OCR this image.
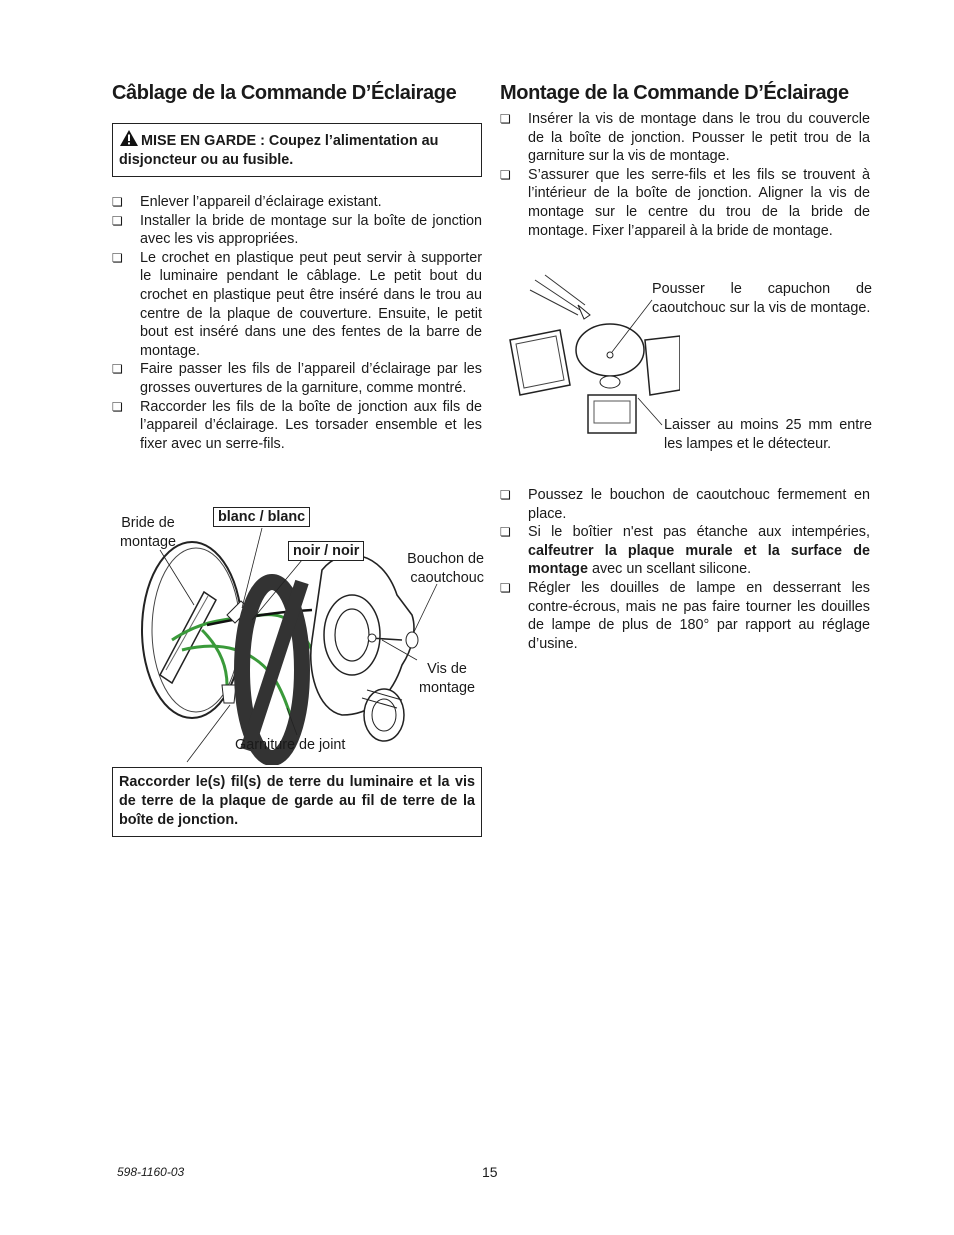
Câblage de la Commande D’Éclairage
MISE EN GARDE : Coupez l’alimentation au disjoncteur ou au fusible.
❏ Enlever l’appareil d’éclairage existant.
❏ Installer la bride de montage sur la boîte de jonction avec les vis appropriées.
❏ Le crochet en plastique peut peut servir à supporter le luminaire pendant le câblage. Le petit bout du crochet en plastique peut être inséré dans le trou au centre de la plaque de couverture. Ensuite, le petit bout est inséré dans une des fentes de la barre de montage.
❏ Faire passer les fils de l’appareil d’éclairage par les grosses ouvertures de la garniture, comme montré.
❏ Raccorder les fils de la boîte de jonction aux fils de l’appareil d’éclairage. Les torsader ensemble et les fixer avec un serre-fils.
Bride de montage
blanc / blanc
noir / noir	Bouchon de caoutchouc
Vis de montage
Garniture de joint
Raccorder le(s) fil(s) de terre du luminaire et la vis de terre de la plaque de garde au fil de terre de la boîte de jonction.
Montage de la Commande D’Éclairage
❏ Insérer la vis de montage dans le trou du couvercle de la boîte de jonction. Pousser le petit trou de la garniture sur la vis de montage.
❏ S’assurer que les serre-fils et les fils se trouvent à l’intérieur de la boîte de jonction. Aligner la vis de montage sur le centre du trou de la bride de montage. Fixer l’appareil à la bride de montage.
Pousser le capuchon de caoutchouc sur la vis de montage.
Laisser au moins 25 mm entre les lampes et le détecteur.
❏ Poussez le bouchon de caoutchouc fermement en place.
❏ Si le boîtier n'est pas étanche aux intempéries, calfeutrer la plaque murale et la surface de montage avec un scellant silicone.
❏ Régler les douilles de lampe en desserrant les contre-écrous, mais ne pas faire tourner les douilles de lampe de plus de 180° par rapport au réglage d’usine.
598-1160-03	15
